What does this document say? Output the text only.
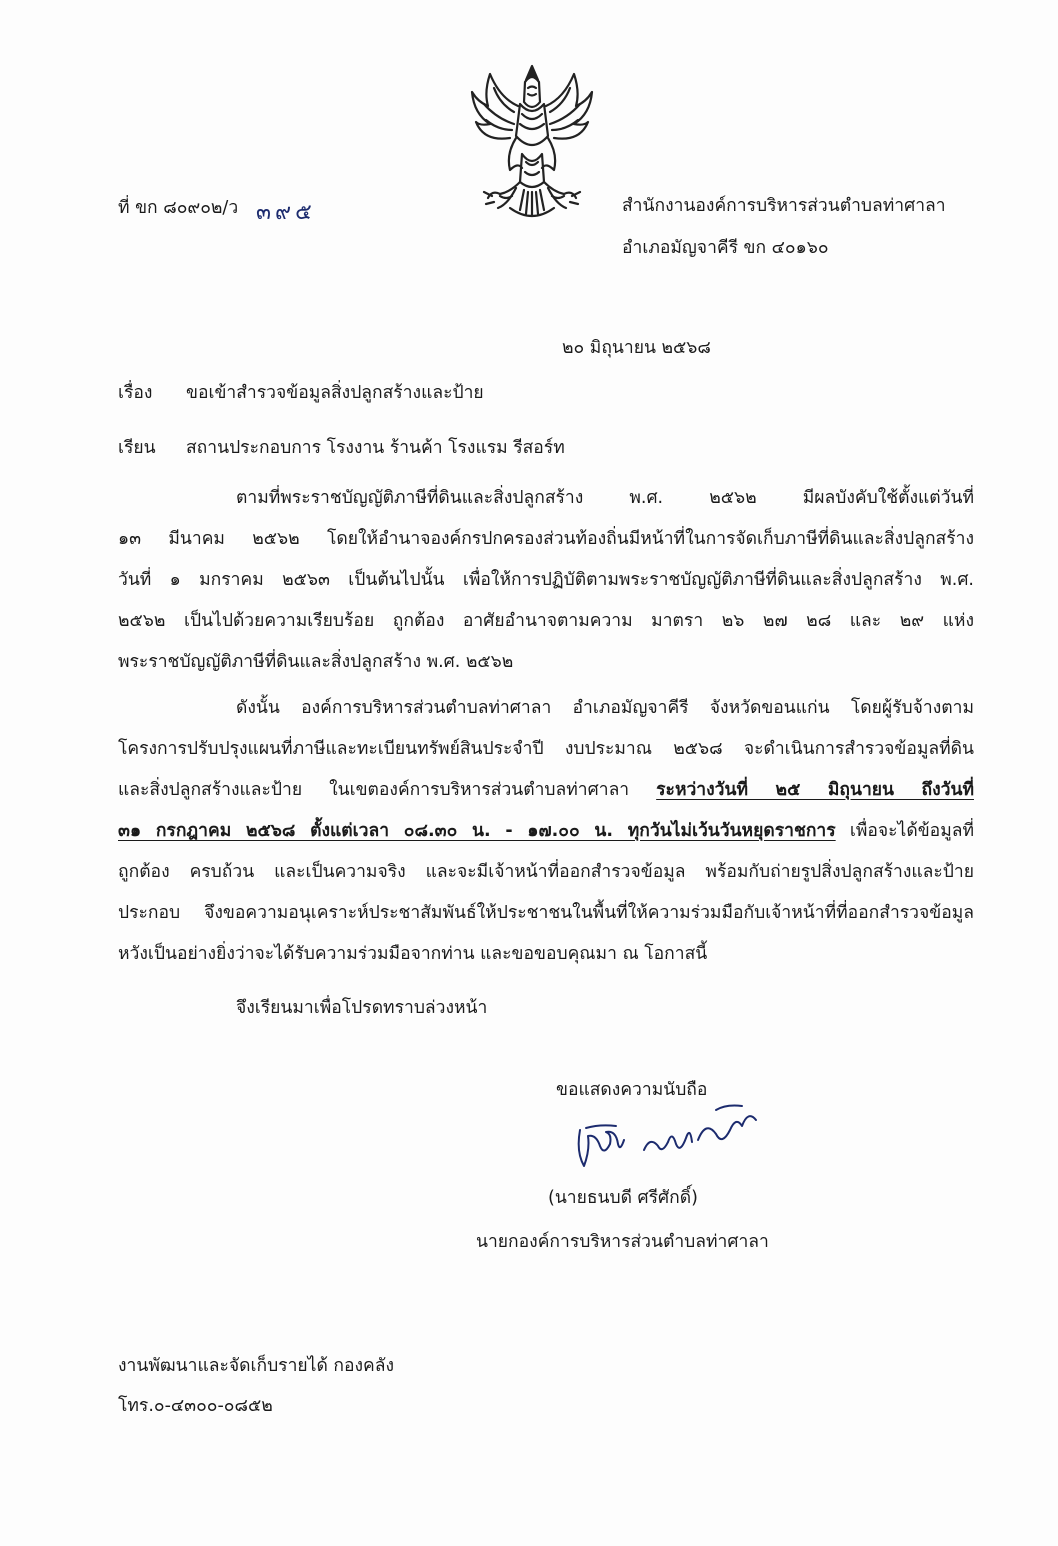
ที่ ขก ๘๐๙๐๒/ว ๓๙๕	สำนักงานองค์การบริหารส่วนตำบลท่าศาลา
อำเภอมัญจาคีรี ขก ๔๐๑๖๐
๒๐ มิถุนายน ๒๕๖๘
เรื่อง ขอเข้าสำรวจข้อมูลสิ่งปลูกสร้างและป้าย
เรียน สถานประกอบการ โรงงาน ร้านค้า โรงแรม รีสอร์ท
ตามที่พระราชบัญญัติภาษีที่ดินและสิ่งปลูกสร้าง พ.ศ. ๒๕๖๒ มีผลบังคับใช้ตั้งแต่วันที่
๑๓ มีนาคม ๒๕๖๒ โดยให้อำนาจองค์กรปกครองส่วนท้องถิ่นมีหน้าที่ในการจัดเก็บภาษีที่ดินและสิ่งปลูกสร้าง
วันที่ ๑ มกราคม ๒๕๖๓ เป็นต้นไปนั้น เพื่อให้การปฏิบัติตามพระราชบัญญัติภาษีที่ดินและสิ่งปลูกสร้าง พ.ศ.
๒๕๖๒ เป็นไปด้วยความเรียบร้อย ถูกต้อง อาศัยอำนาจตามความ มาตรา ๒๖ ๒๗ ๒๘ และ ๒๙ แห่ง
พระราชบัญญัติภาษีที่ดินและสิ่งปลูกสร้าง พ.ศ. ๒๕๖๒
ดังนั้น องค์การบริหารส่วนตำบลท่าศาลา อำเภอมัญจาคีรี จังหวัดขอนแก่น โดยผู้รับจ้างตาม
โครงการปรับปรุงแผนที่ภาษีและทะเบียนทรัพย์สินประจำปี งบประมาณ ๒๕๖๘ จะดำเนินการสำรวจข้อมูลที่ดิน
และสิ่งปลูกสร้างและป้าย ในเขตองค์การบริหารส่วนตำบลท่าศาลา ระหว่างวันที่ ๒๕ มิถุนายน ถึงวันที่
๓๑ กรกฎาคม ๒๕๖๘ ตั้งแต่เวลา ๐๘.๓๐ น. - ๑๗.๐๐ น. ทุกวันไม่เว้นวันหยุดราชการ เพื่อจะได้ข้อมูลที่
ถูกต้อง ครบถ้วน และเป็นความจริง และจะมีเจ้าหน้าที่ออกสำรวจข้อมูล พร้อมกับถ่ายรูปสิ่งปลูกสร้างและป้าย
ประกอบ จึงขอความอนุเคราะห์ประชาสัมพันธ์ให้ประชาชนในพื้นที่ให้ความร่วมมือกับเจ้าหน้าที่ที่ออกสำรวจข้อมูล
หวังเป็นอย่างยิ่งว่าจะได้รับความร่วมมือจากท่าน และขอขอบคุณมา ณ โอกาสนี้
จึงเรียนมาเพื่อโปรดทราบล่วงหน้า
ขอแสดงความนับถือ
(นายธนบดี ศรีศักดิ์)
นายกองค์การบริหารส่วนตำบลท่าศาลา
งานพัฒนาและจัดเก็บรายได้ กองคลัง
โทร.๐-๔๓๐๐-๐๘๕๒
